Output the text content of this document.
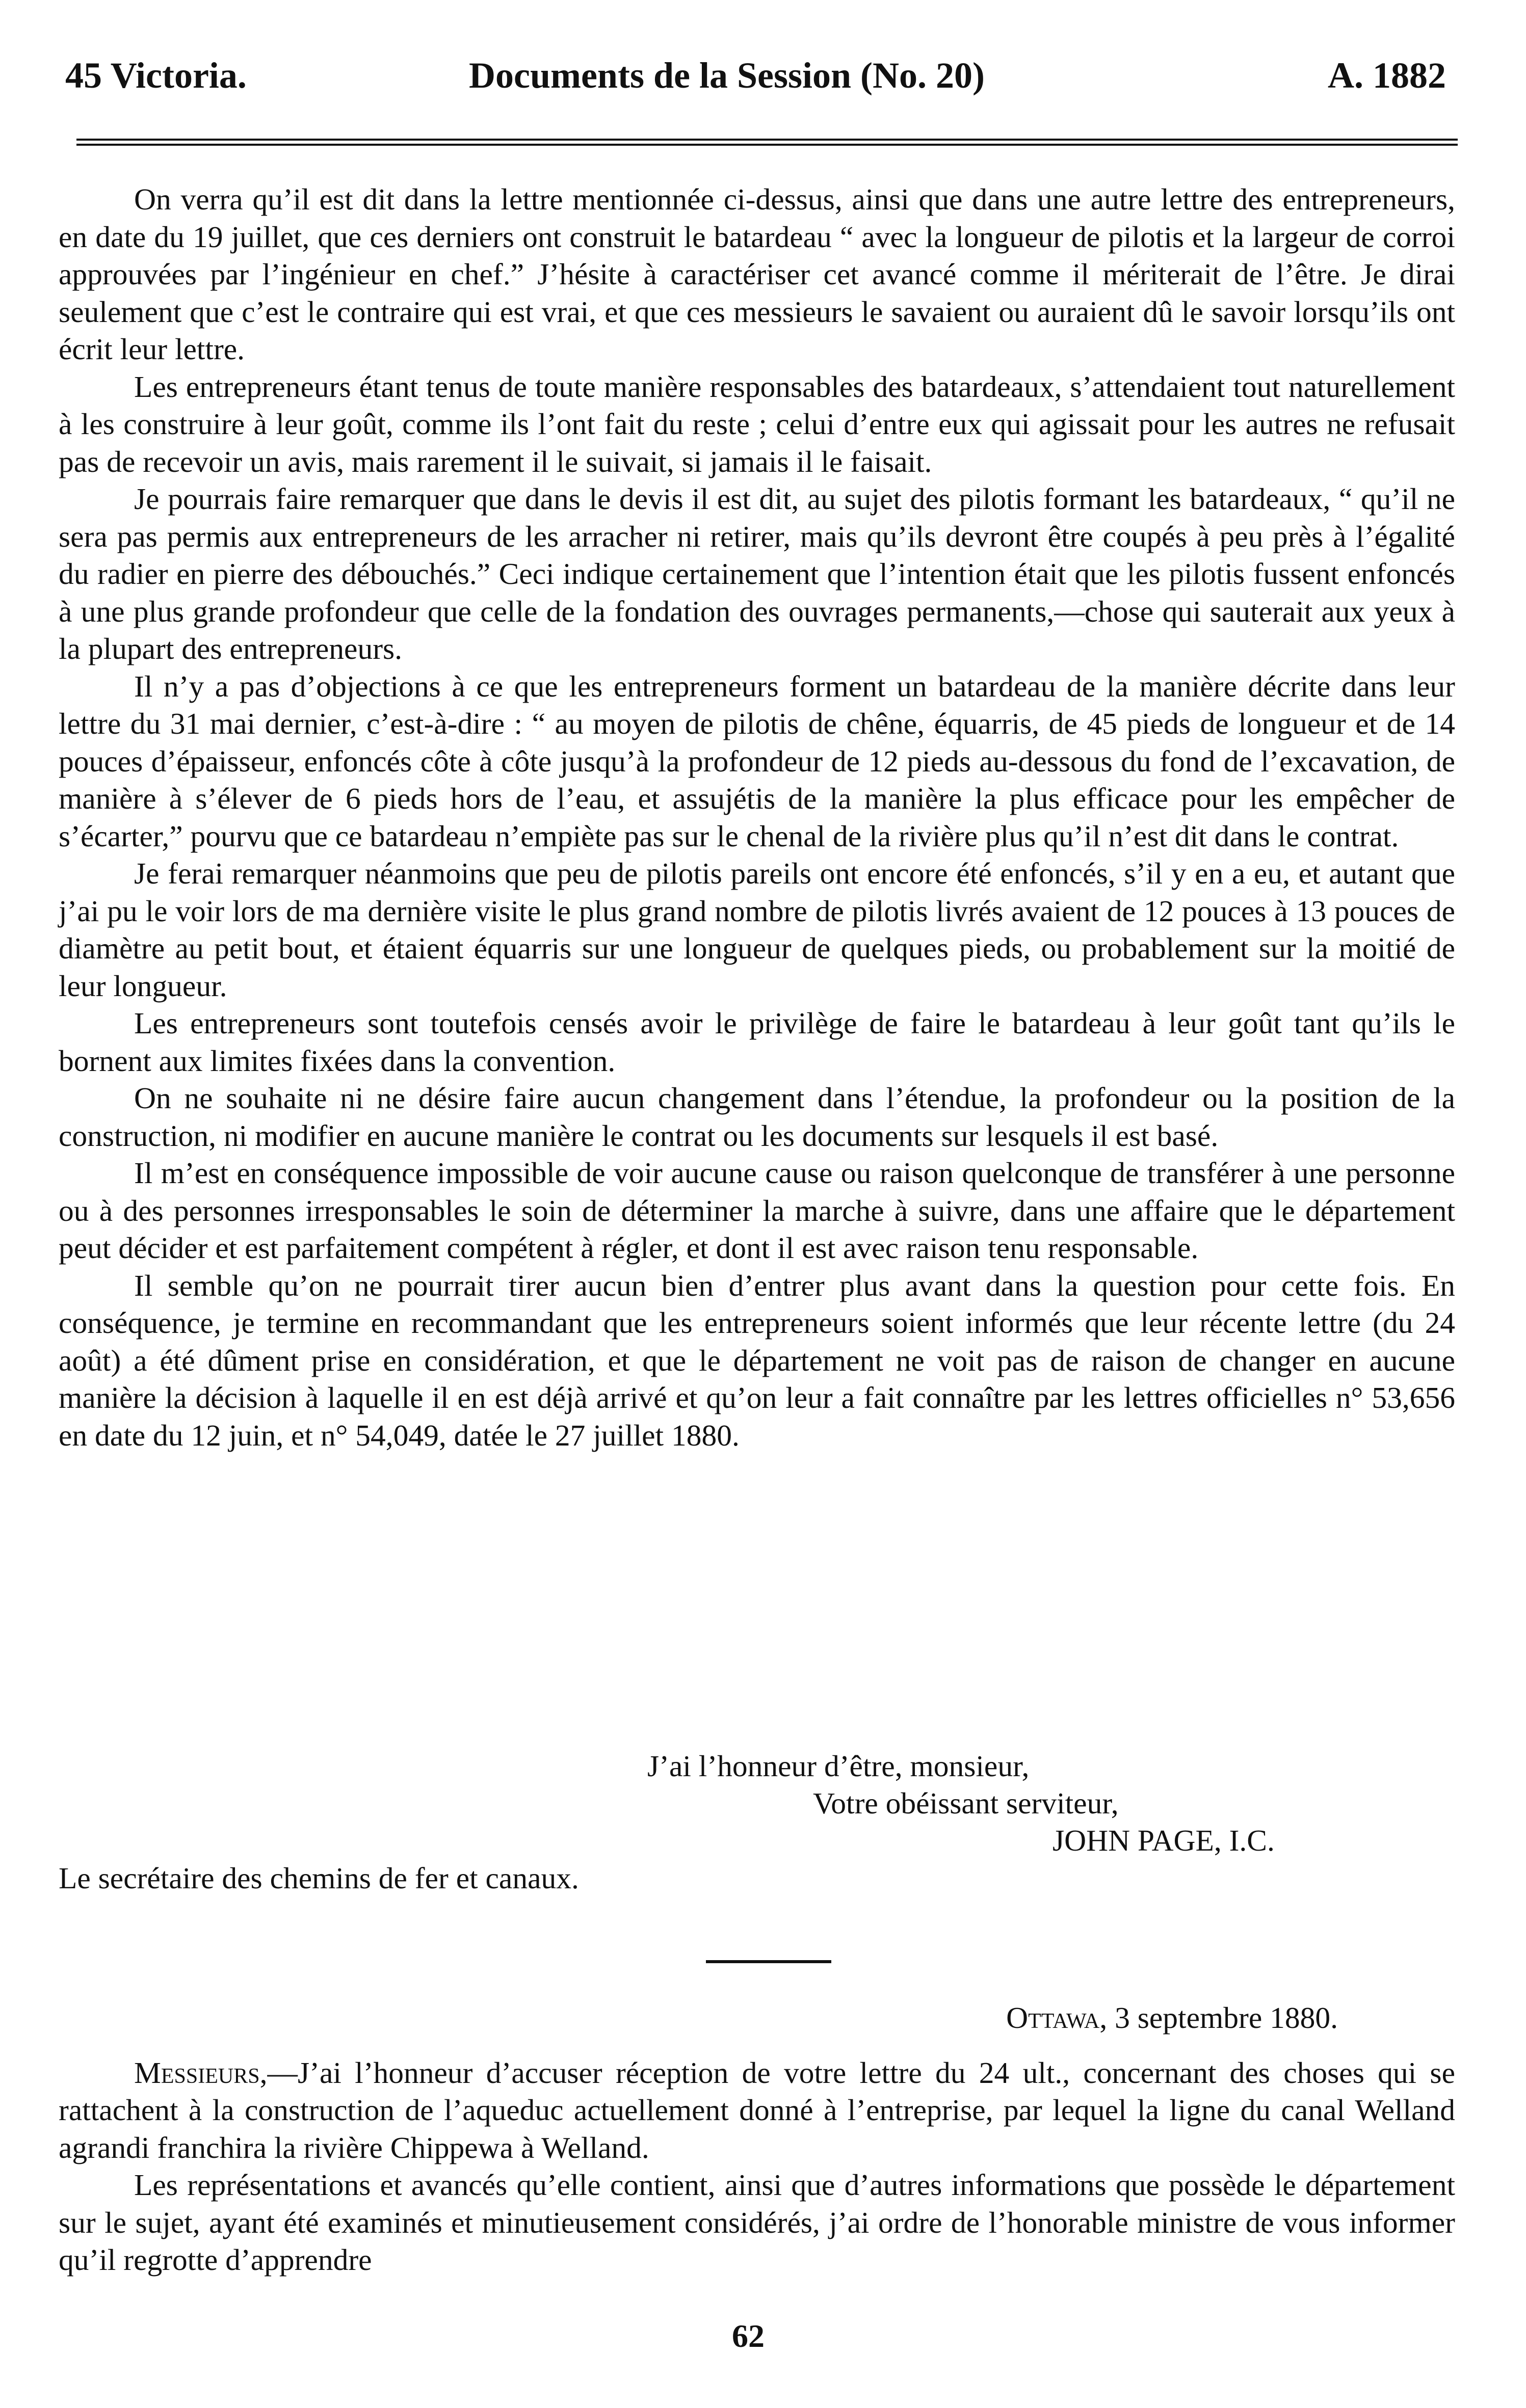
45 Victoria.	Documents de la Session (No. 20)	A. 1882

On verra qu’il est dit dans la lettre mentionnée ci-dessus, ainsi que dans une autre lettre des entrepreneurs, en date du 19 juillet, que ces derniers ont construit le batardeau “ avec la longueur de pilotis et la largeur de corroi approuvées par l’ingénieur en chef.” J’hésite à caractériser cet avancé comme il mériterait de l’être. Je dirai seulement que c’est le contraire qui est vrai, et que ces messieurs le savaient ou auraient dû le savoir lorsqu’ils ont écrit leur lettre.

Les entrepreneurs étant tenus de toute manière responsables des batardeaux, s’attendaient tout naturellement à les construire à leur goût, comme ils l’ont fait du reste ; celui d’entre eux qui agissait pour les autres ne refusait pas de recevoir un avis, mais rarement il le suivait, si jamais il le faisait.

Je pourrais faire remarquer que dans le devis il est dit, au sujet des pilotis formant les batardeaux, “ qu’il ne sera pas permis aux entrepreneurs de les arracher ni retirer, mais qu’ils devront être coupés à peu près à l’égalité du radier en pierre des débouchés.” Ceci indique certainement que l’intention était que les pilotis fussent enfoncés à une plus grande profondeur que celle de la fondation des ouvrages permanents,—chose qui sauterait aux yeux à la plupart des entrepreneurs.

Il n’y a pas d’objections à ce que les entrepreneurs forment un batardeau de la manière décrite dans leur lettre du 31 mai dernier, c’est-à-dire : “ au moyen de pilotis de chêne, équarris, de 45 pieds de longueur et de 14 pouces d’épaisseur, enfoncés côte à côte jusqu’à la profondeur de 12 pieds au-dessous du fond de l’excavation, de manière à s’élever de 6 pieds hors de l’eau, et assujétis de la manière la plus efficace pour les empêcher de s’écarter,” pourvu que ce batardeau n’empiète pas sur le chenal de la rivière plus qu’il n’est dit dans le contrat.

Je ferai remarquer néanmoins que peu de pilotis pareils ont encore été enfoncés, s’il y en a eu, et autant que j’ai pu le voir lors de ma dernière visite le plus grand nombre de pilotis livrés avaient de 12 pouces à 13 pouces de diamètre au petit bout, et étaient équarris sur une longueur de quelques pieds, ou probablement sur la moitié de leur longueur.

Les entrepreneurs sont toutefois censés avoir le privilège de faire le batardeau à leur goût tant qu’ils le bornent aux limites fixées dans la convention.

On ne souhaite ni ne désire faire aucun changement dans l’étendue, la profondeur ou la position de la construction, ni modifier en aucune manière le contrat ou les documents sur lesquels il est basé.

Il m’est en conséquence impossible de voir aucune cause ou raison quelconque de transférer à une personne ou à des personnes irresponsables le soin de déterminer la marche à suivre, dans une affaire que le département peut décider et est parfaitement compétent à régler, et dont il est avec raison tenu responsable.

Il semble qu’on ne pourrait tirer aucun bien d’entrer plus avant dans la question pour cette fois. En conséquence, je termine en recommandant que les entrepreneurs soient informés que leur récente lettre (du 24 août) a été dûment prise en considération, et que le département ne voit pas de raison de changer en aucune manière la décision à laquelle il en est déjà arrivé et qu’on leur a fait connaître par les lettres officielles n° 53,656 en date du 12 juin, et n° 54,049, datée le 27 juillet 1880.

J’ai l’honneur d’être, monsieur,
Votre obéissant serviteur,
JOHN PAGE, I.C.
Le secrétaire des chemins de fer et canaux.

Ottawa, 3 septembre 1880.

Messieurs,—J’ai l’honneur d’accuser réception de votre lettre du 24 ult., concernant des choses qui se rattachent à la construction de l’aqueduc actuellement donné à l’entreprise, par lequel la ligne du canal Welland agrandi franchira la rivière Chippewa à Welland.

Les représentations et avancés qu’elle contient, ainsi que d’autres informations que possède le département sur le sujet, ayant été examinés et minutieusement considérés, j’ai ordre de l’honorable ministre de vous informer qu’il regrotte d’apprendre

62
